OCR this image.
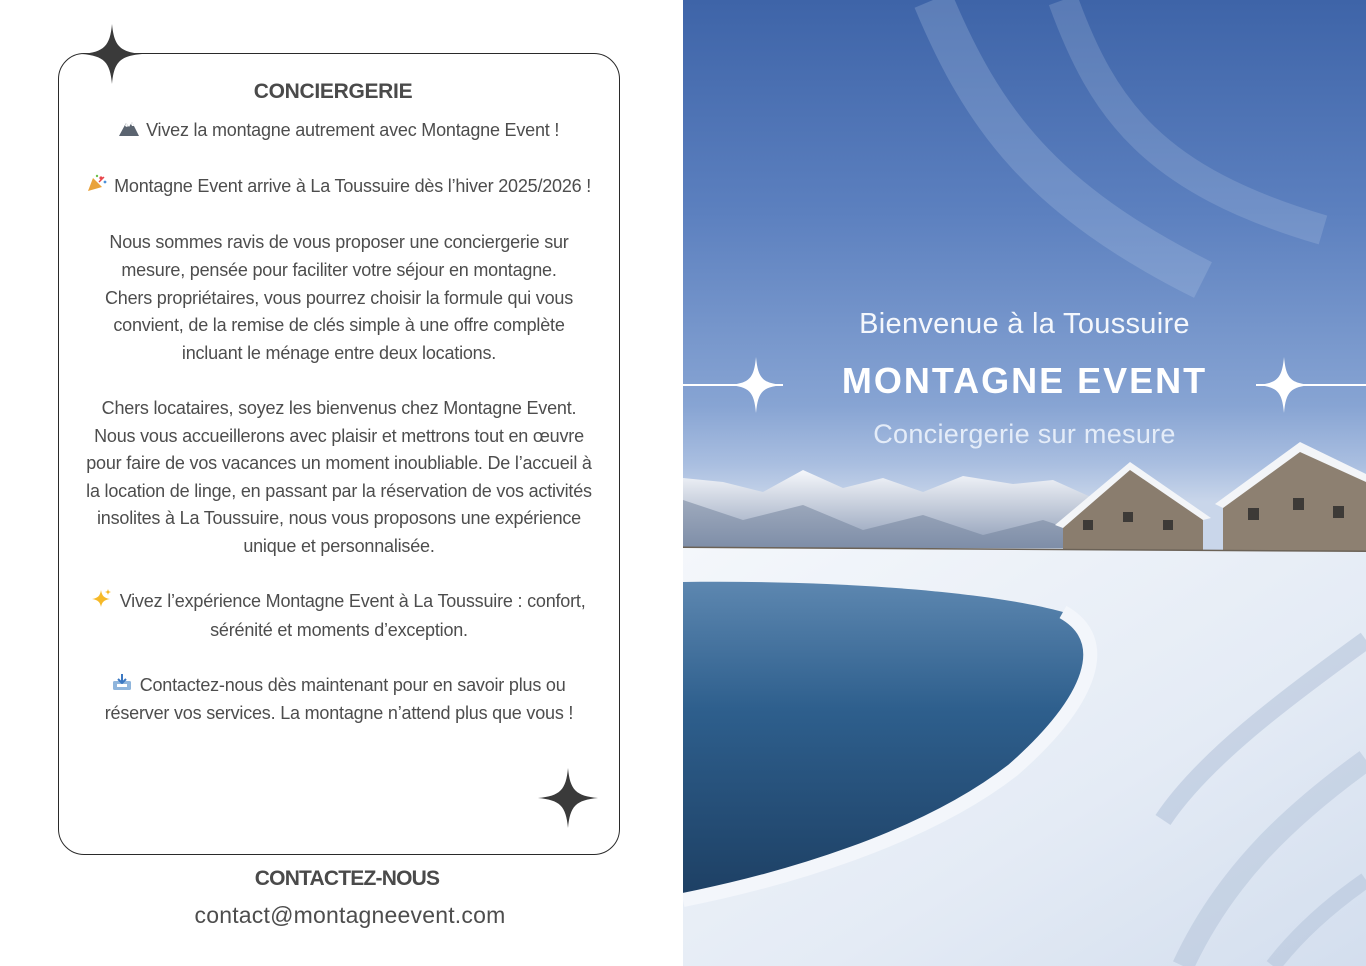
CONCIERGERIE

Vivez la montagne autrement avec Montagne Event !

Montagne Event arrive à La Toussuire dès l’hiver 2025/2026 !

Nous sommes ravis de vous proposer une conciergerie sur mesure, pensée pour faciliter votre séjour en montagne.

Chers propriétaires, vous pourrez choisir la formule qui vous convient, de la remise de clés simple à une offre complète incluant le ménage entre deux locations.

Chers locataires, soyez les bienvenus chez Montagne Event. Nous vous accueillerons avec plaisir et mettrons tout en œuvre pour faire de vos vacances un moment inoubliable. De l’accueil à la location de linge, en passant par la réservation de vos activités insolites à La Toussuire, nous vous proposons une expérience unique et personnalisée.

Vivez l’expérience Montagne Event à La Toussuire : confort, sérénité et moments d’exception.

Contactez-nous dès maintenant pour en savoir plus ou réserver vos services. La montagne n’attend plus que vous !

CONTACTEZ-NOUS
contact@montagneevent.com
Bienvenue à la Toussuire
MONTAGNE EVENT
Conciergerie sur mesure
